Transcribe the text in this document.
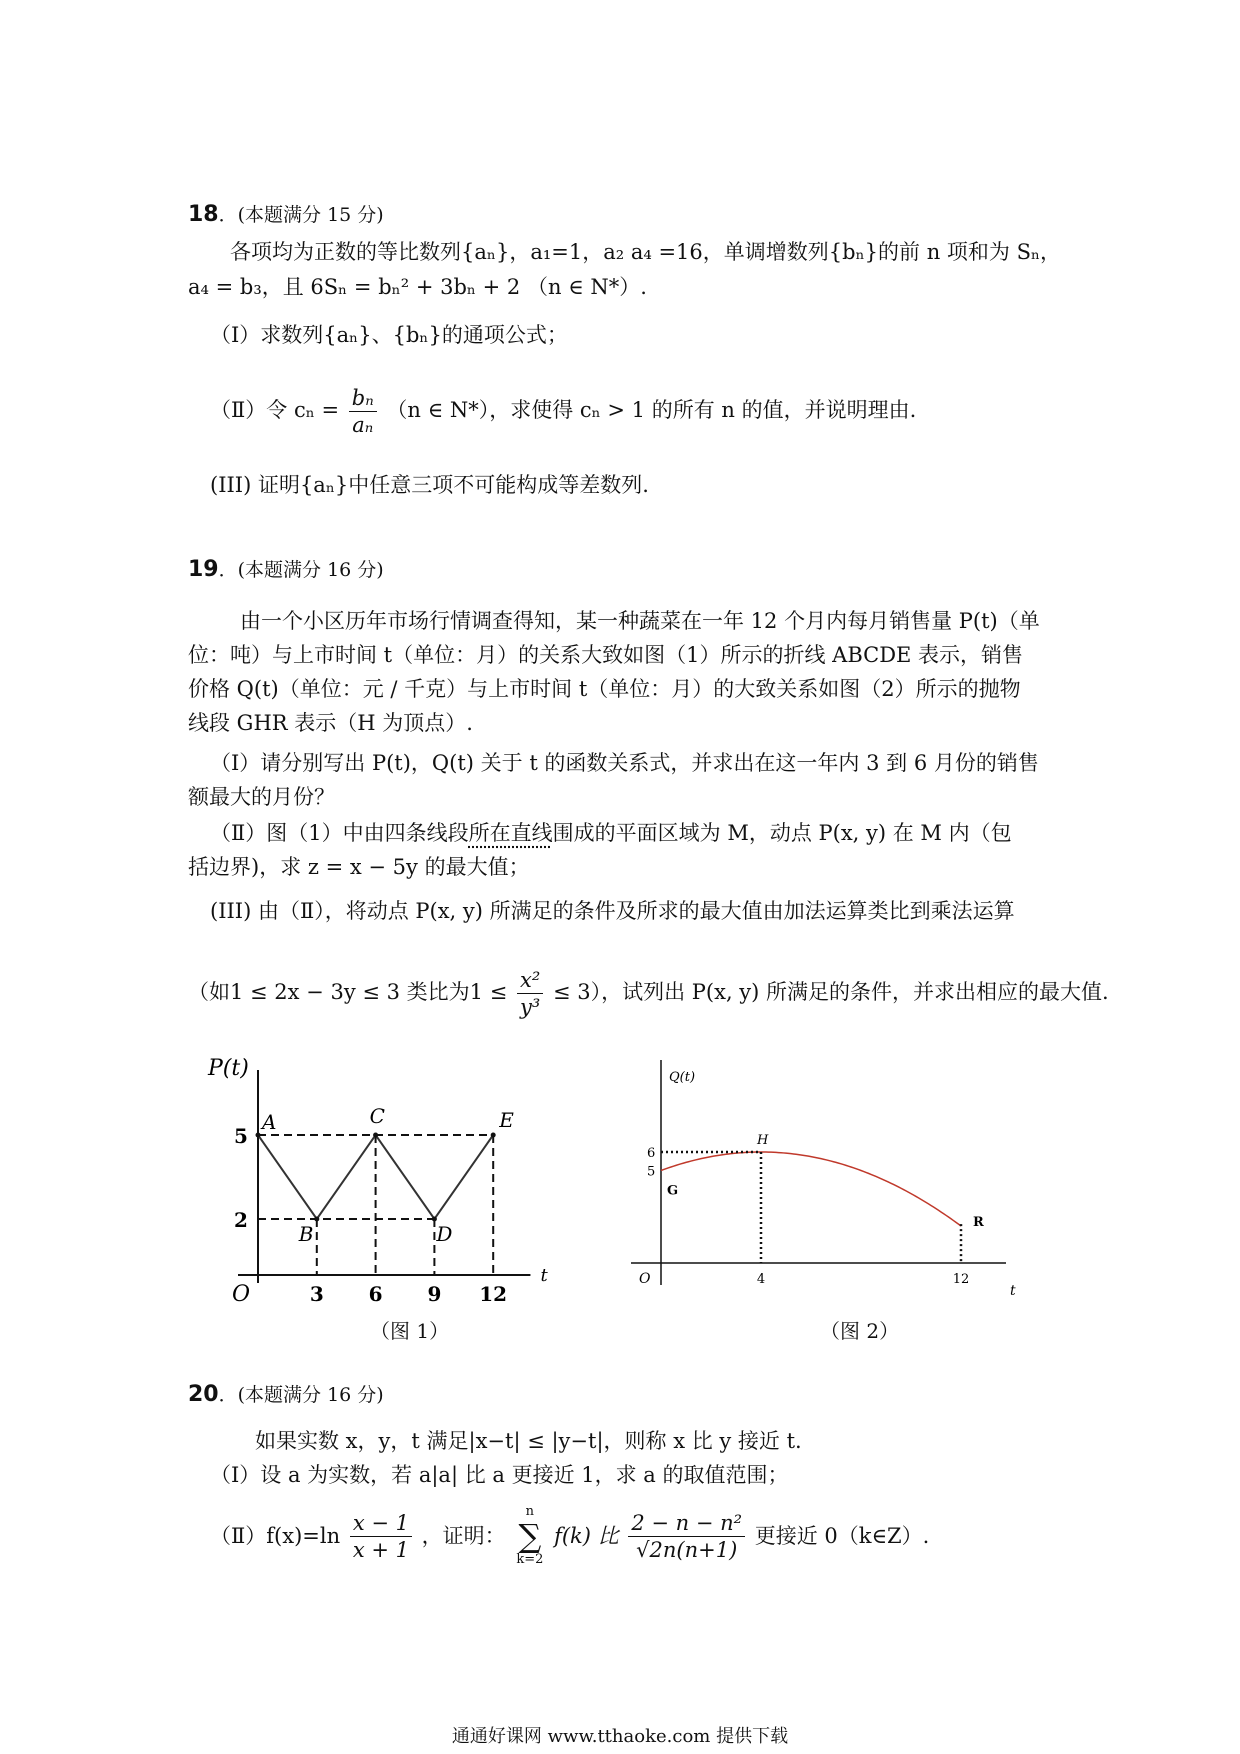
18．(本题满分 15 分)
各项均为正数的等比数列{aₙ}，a₁=1，a₂ a₄ =16，单调增数列{bₙ}的前 n 项和为 Sₙ，
a₄ = b₃，且 6Sₙ = bₙ² + 3bₙ + 2 （n ∈ N*）.
（Ⅰ）求数列{aₙ}、{bₙ}的通项公式；
（Ⅱ）令 $c_n = \frac{\text{bₙ}}{\text{aₙ}} (n$ ∈ N*），求使得 cₙ > 1 的所有 n 的值，并说明理由.
(III) 证明{aₙ}中任意三项不可能构成等差数列.
19．(本题满分 16 分)
由一个小区历年市场行情调查得知，某一种蔬菜在一年 12 个月内每月销售量 P(t)（单
位：吨）与上市时间 t（单位：月）的关系大致如图（1）所示的折线 ABCDE 表示，销售
价格 Q(t)（单位：元 / 千克）与上市时间 t（单位：月）的大致关系如图（2）所示的抛物
线段 GHR 表示（H 为顶点）.
（Ⅰ）请分别写出 P(t)，Q(t) 关于 t 的函数关系式，并求出在这一年内 3 到 6 月份的销售
额最大的月份？
（Ⅱ）图（1）中由四条线段所在直线围成的平面区域为 M，动点 P(x, y) 在 M 内（包
括边界)，求 z = x − 5y 的最大值；
(III) 由（Ⅱ），将动点 P(x, y) 所满足的条件及所求的最大值由加法运算类比到乘法运算
（如1 ≤ 2x − 3y ≤ 3 类比为$1 \le \frac{\text{x²}}{\text{y³}} \le 3$），试列出 P(x, y) 所满足的条件，并求出相应的最大值.
P(t)
t
O
A
B
C
D
E
5
2
3 6 9 12
（图 1）
Q(t)
t
O
6
5
4	12
G
H
R
（图 2）
20．(本题满分 16 分)
如果实数 x，y，t 满足|x−t| ≤ |y−t|，则称 x 比 y 接近 t.
（Ⅰ）设 a 为实数，若 a|a| 比 a 更接近 1，求 a 的取值范围；
（Ⅱ）f(x)=ln $\frac{x - 1}{x + 1}$ ，证明：
n
∑
k=2
f(k) 比 $\frac{\text{2 − n − n²}}{√2n(n+1)}$ 更接近 0（k∈Z）.
通通好课网 www.tthaoke.com 提供下载
